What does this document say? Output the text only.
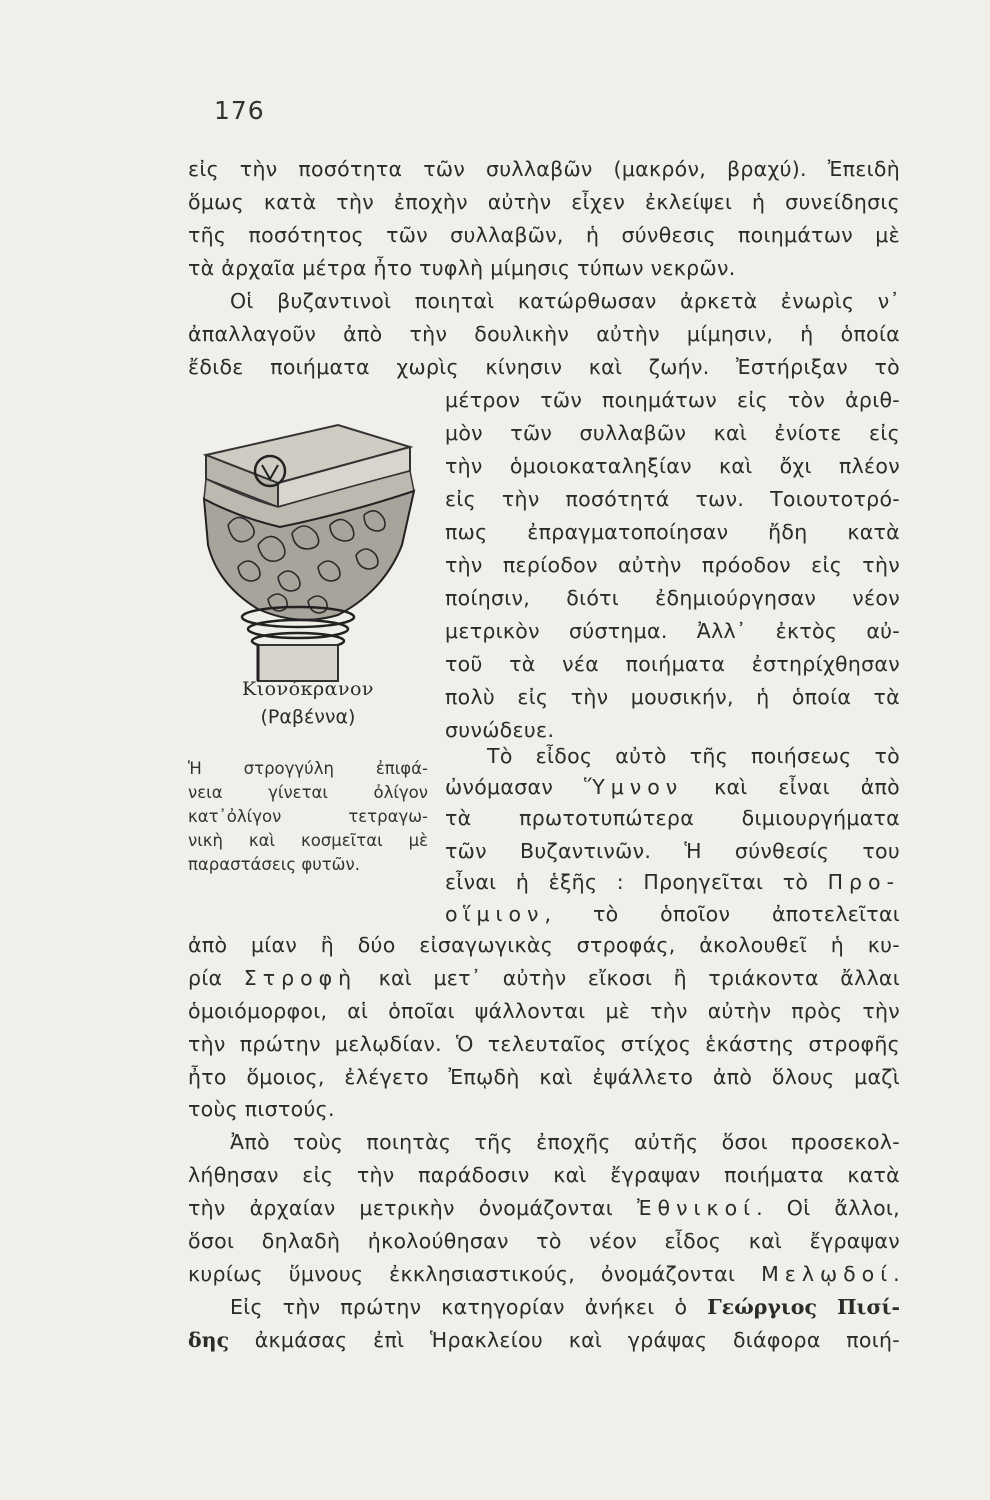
176
εἰς τὴν ποσότητα τῶν συλλαβῶν (μακρόν, βραχύ). Ἐπειδὴ
ὅμως κατὰ τὴν ἐποχὴν αὐτὴν εἶχεν ἐκλείψει ἡ συνείδησις
τῆς ποσότητος τῶν συλλαβῶν, ἡ σύνθεσις ποιημάτων μὲ
τὰ ἀρχαῖα μέτρα ἦτο τυφλὴ μίμησις τύπων νεκρῶν.
Οἱ βυζαντινοὶ ποιηταὶ κατώρθωσαν ἀρκετὰ ἐνωρὶς ν᾽
ἀπαλλαγοῦν ἀπὸ τὴν δουλικὴν αὐτὴν μίμησιν, ἡ ὁποία
ἔδιδε ποιήματα χωρὶς κίνησιν καὶ ζωήν. Ἐστήριξαν τὸ
Κιονόκρανον
(Ραβέννα)
Ἡ στρογγύλη ἐπιφά-
νεια γίνεται ὀλίγον
κατ᾽ὀλίγον τετραγω-
νικὴ καὶ κοσμεῖται μὲ
παραστάσεις φυτῶν.
μέτρον τῶν ποιημάτων εἰς τὸν ἀριθ-
μὸν τῶν συλλαβῶν καὶ ἐνίοτε εἰς
τὴν ὁμοιοκαταληξίαν καὶ ὄχι πλέον
εἰς τὴν ποσότητά των. Τοιουτοτρό-
πως ἐπραγματοποίησαν ἤδη κατὰ
τὴν περίοδον αὐτὴν πρόοδον εἰς τὴν
ποίησιν, διότι ἐδημιούργησαν νέον
μετρικὸν σύστημα. Ἀλλ᾽ ἐκτὸς αὐ-
τοῦ τὰ νέα ποιήματα ἐστηρίχθησαν
πολὺ εἰς τὴν μουσικήν, ἡ ὁποία τὰ
συνώδευε.
Τὸ εἶδος αὐτὸ τῆς ποιήσεως τὸ
ὠνόμασαν Ὕμνον καὶ εἶναι ἀπὸ
τὰ πρωτοτυπώτερα διμιουργήματα
τῶν Βυζαντινῶν. Ἡ σύνθεσίς του
εἶναι ἡ ἑξῆς : Προηγεῖται τὸ Προ-
οἵμιον, τὸ ὁποῖον ἀποτελεῖται
ἀπὸ μίαν ἢ δύο εἰσαγωγικὰς στροφάς, ἀκολουθεῖ ἡ κυ-
ρία Στροφὴ καὶ μετ᾽ αὐτὴν εἴκοσι ἢ τριάκοντα ἄλλαι
ὁμοιόμορφοι, αἱ ὁποῖαι ψάλλονται μὲ τὴν αὐτὴν πρὸς τὴν
τὴν πρώτην μελῳδίαν. Ὁ τελευταῖος στίχος ἑκάστης στροφῆς
ἦτο ὅμοιος, ἐλέγετο Ἐπῳδὴ καὶ ἐψάλλετο ἀπὸ ὅλους μαζὶ
τοὺς πιστούς.
Ἀπὸ τοὺς ποιητὰς τῆς ἐποχῆς αὐτῆς ὅσοι προσεκολ-
λήθησαν εἰς τὴν παράδοσιν καὶ ἔγραψαν ποιήματα κατὰ
τὴν ἀρχαίαν μετρικὴν ὀνομάζονται Ἐθνικοί. Οἱ ἄλλοι,
ὅσοι δηλαδὴ ἠκολούθησαν τὸ νέον εἶδος καὶ ἔγραψαν
κυρίως ὕμνους ἐκκλησιαστικούς, ὀνομάζονται Μελῳδοί.
Εἰς τὴν πρώτην κατηγορίαν ἀνήκει ὁ Γεώργιος Πισί-
δης ἀκμάσας ἐπὶ Ἡρακλείου καὶ γράψας διάφορα ποιή-
